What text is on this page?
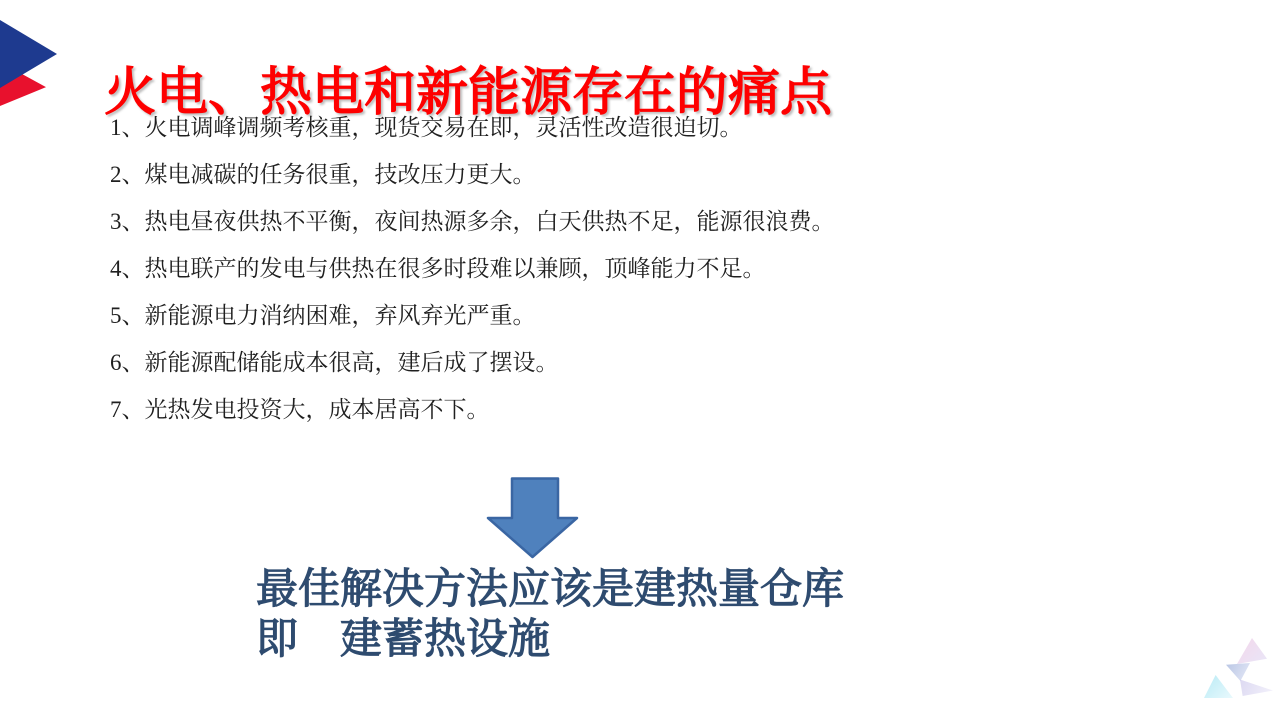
火电、热电和新能源存在的痛点
1、火电调峰调频考核重，现货交易在即，灵活性改造很迫切。
2、煤电减碳的任务很重，技改压力更大。
3、热电昼夜供热不平衡，夜间热源多余，白天供热不足，能源很浪费。
4、热电联产的发电与供热在很多时段难以兼顾，顶峰能力不足。
5、新能源电力消纳困难，弃风弃光严重。
6、新能源配储能成本很高，建后成了摆设。
7、光热发电投资大，成本居高不下。
最佳解决方法应该是建热量仓库
即　建蓄热设施
